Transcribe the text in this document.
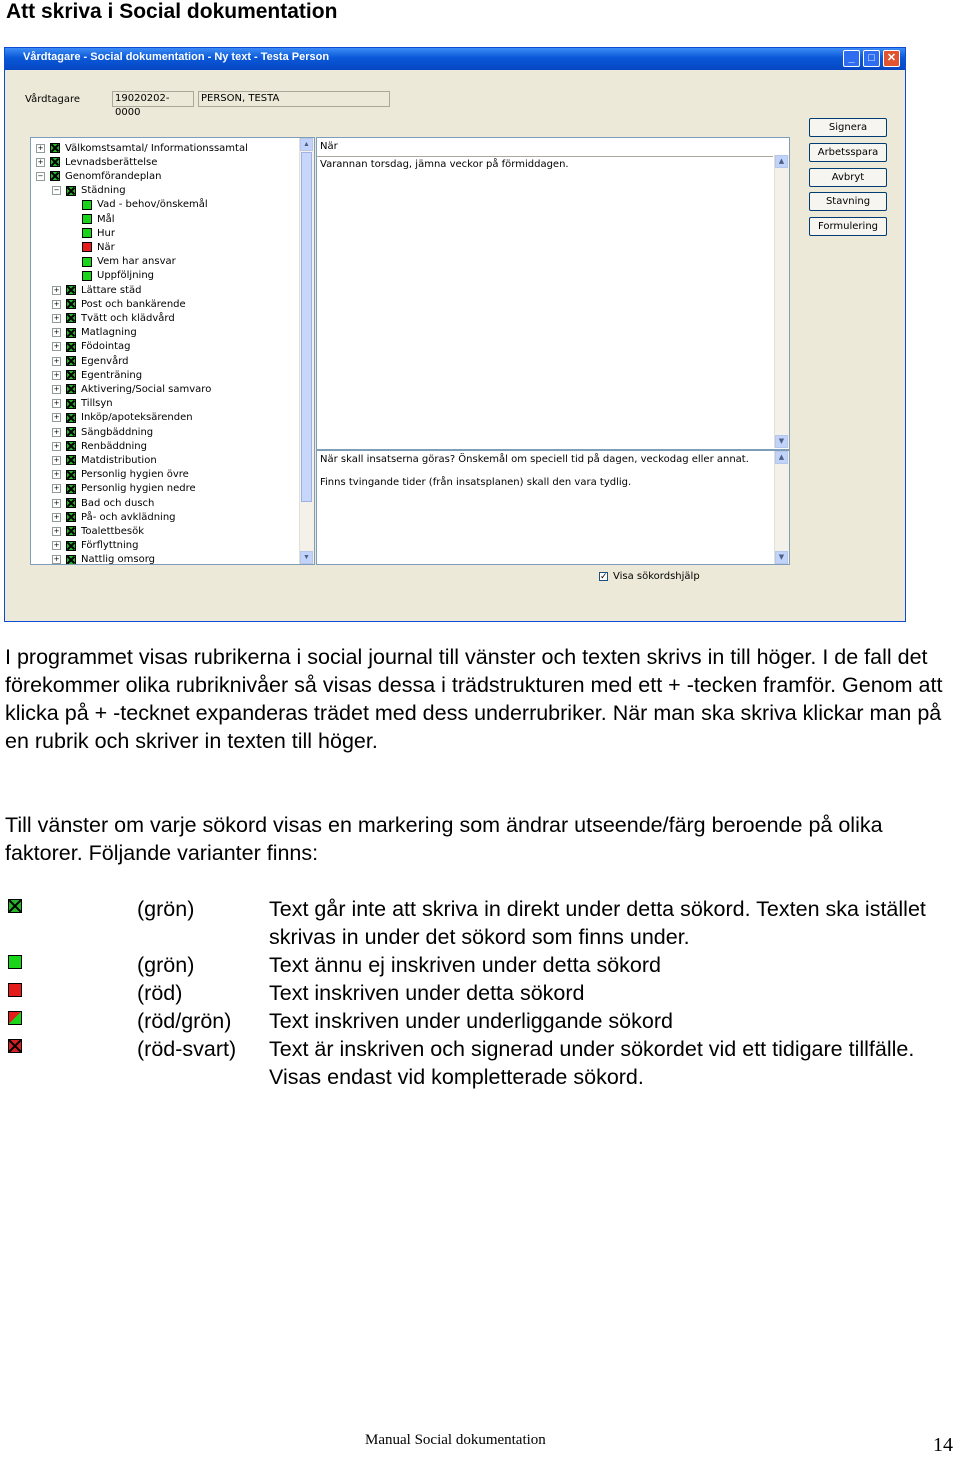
Att skriva i Social dokumentation
Vårdtagare - Social dokumentation - Ny text - Testa Person	_	□	✕
Vårdtagare	19020202-0000
PERSON, TESTA
▲
▼
+ Välkomstsamtal/ Informationssamtal
+ Levnadsberättelse
− Genomförandeplan
− Städning
Vad - behov/önskemål
Mål
Hur
När
Vem har ansvar
Uppföljning
+ Lättare städ
+ Post och bankärende
+ Tvätt och klädvård
+ Matlagning
+ Födointag
+ Egenvård
+ Egenträning
+ Aktivering/Social samvaro
+ Tillsyn
+ Inköp/apoteksärenden
+ Sängbäddning
+ Renbäddning
+ Matdistribution
+ Personlig hygien övre
+ Personlig hygien nedre
+ Bad och dusch
+ På- och avklädning
+ Toalettbesök
+ Förflyttning
+ Nattlig omsorg
När
Varannan torsdag, jämna veckor på förmiddagen.	▲
▼
När skall insatserna göras? Önskemål om speciell tid på dagen, veckodag eller annat.
Finns tvingande tider (från insatsplanen) skall den vara tydlig.
▲
▼
Signera
Arbetsspara
Avbryt
Stavning
Formulering
✓ Visa sökordshjälp

I programmet visas rubrikerna i social journal till vänster och texten skrivs in till höger. I de fall det förekommer olika rubriknivåer så visas dessa i trädstrukturen med ett + -tecken framför. Genom att klicka på + -tecknet expanderas trädet med dess underrubriker. När man ska skriva klickar man på en rubrik och skriver in texten till höger.

Till vänster om varje sökord visas en markering som ändrar utseende/färg beroende på olika faktorer. Följande varianter finns:

(grön)	Text går inte att skriva in direkt under detta sökord. Texten ska istället skrivas in under det sökord som finns under.
(grön)	Text ännu ej inskriven under detta sökord
(röd)	Text inskriven under detta sökord
(röd/grön) Text inskriven under underliggande sökord
(röd-svart) Text är inskriven och signerad under sökordet vid ett tidigare tillfälle. Visas endast vid kompletterade sökord.
Manual Social dokumentation	14
